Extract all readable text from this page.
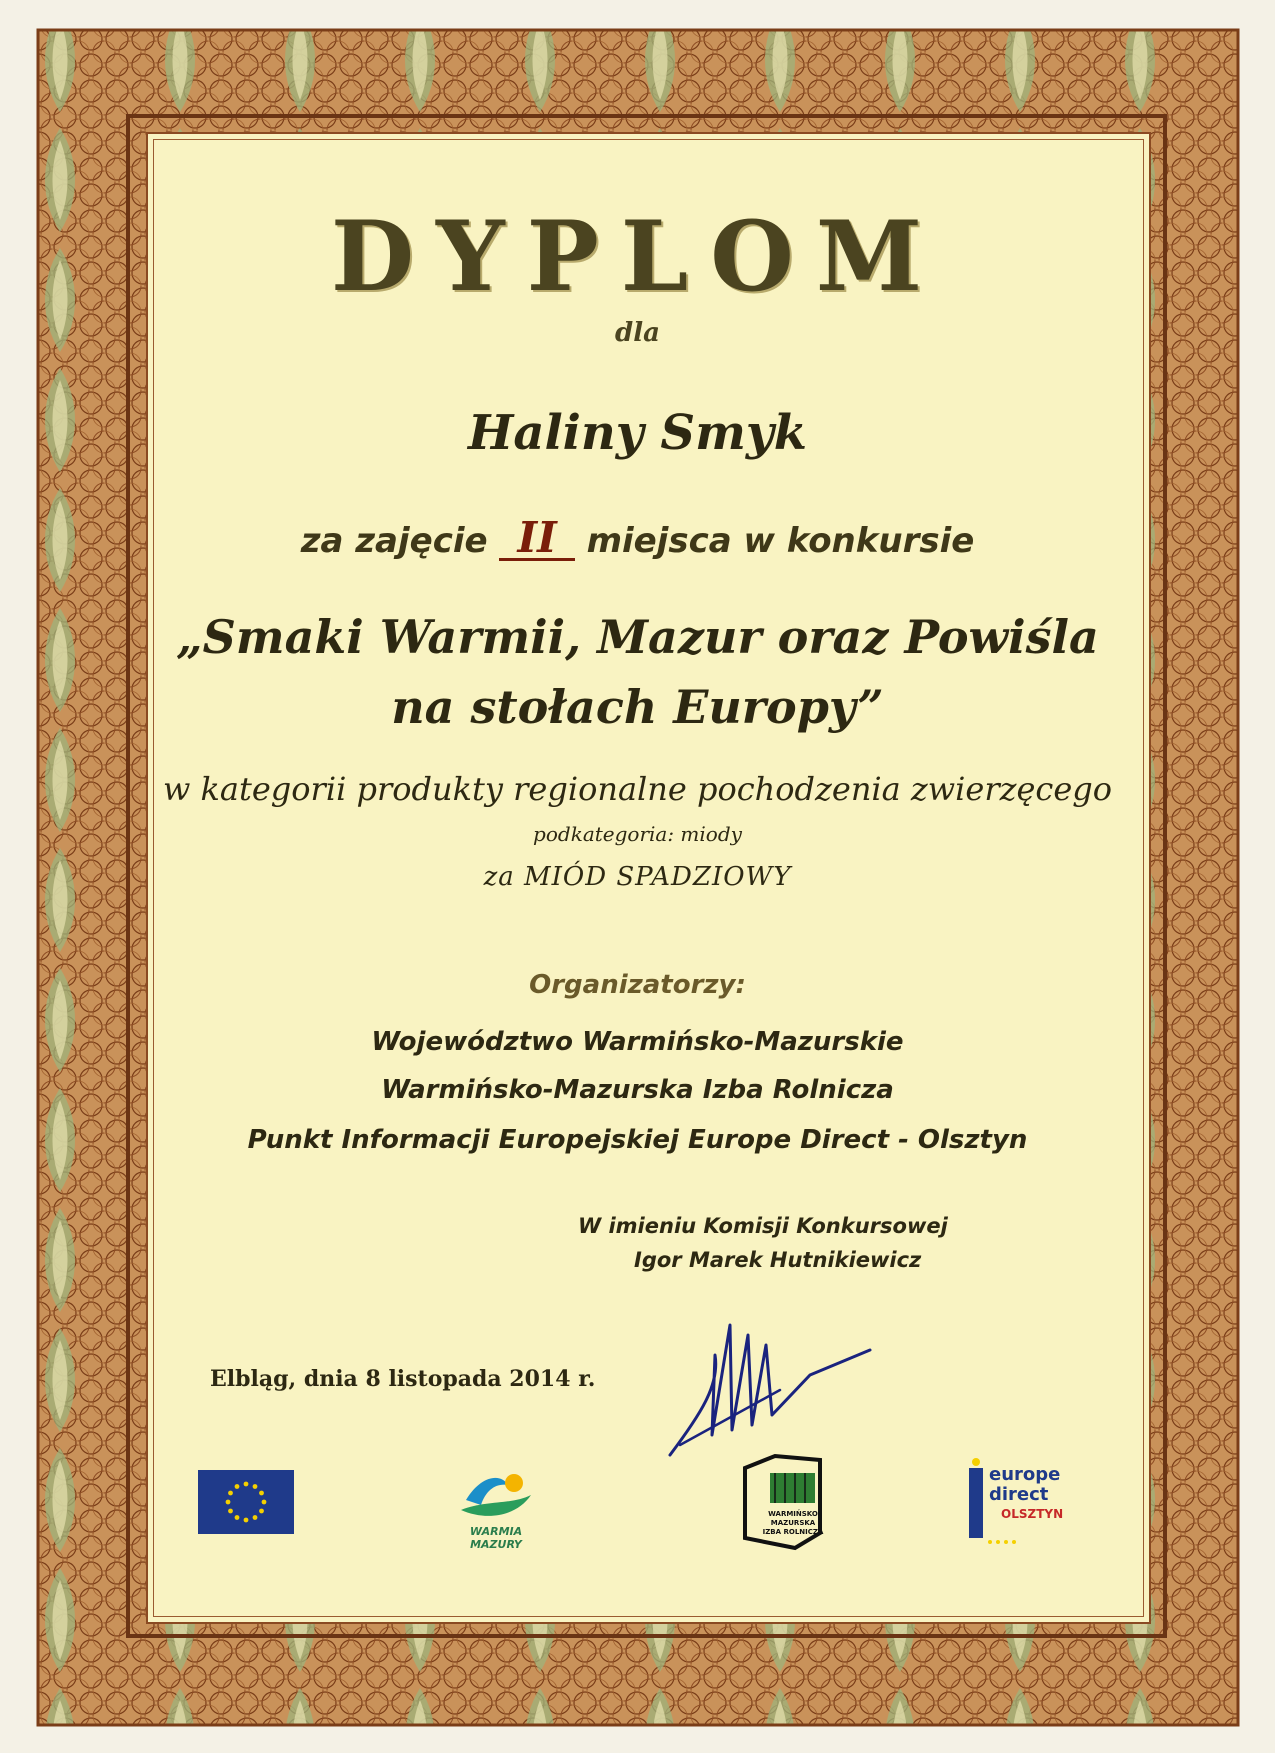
DYPLOM
dla
Haliny Smyk
za zajęcie II miejsca w konkursie
„Smaki Warmii, Mazur oraz Powiśla
na stołach Europy”
w kategorii produkty regionalne pochodzenia zwierzęcego
podkategoria: miody
za MIÓD SPADZIOWY
Organizatorzy:
Województwo Warmińsko-Mazurskie
Warmińsko-Mazurska Izba Rolnicza
Punkt Informacji Europejskiej Europe Direct - Olsztyn
W imieniu Komisji Konkursowej
Igor Marek Hutnikiewicz
Elbląg, dnia 8 listopada 2014 r.
WARMIA
MAZURY
WARMIŃSKO
MAZURSKA
IZBA ROLNICZA
europe
direct
OLSZTYN
